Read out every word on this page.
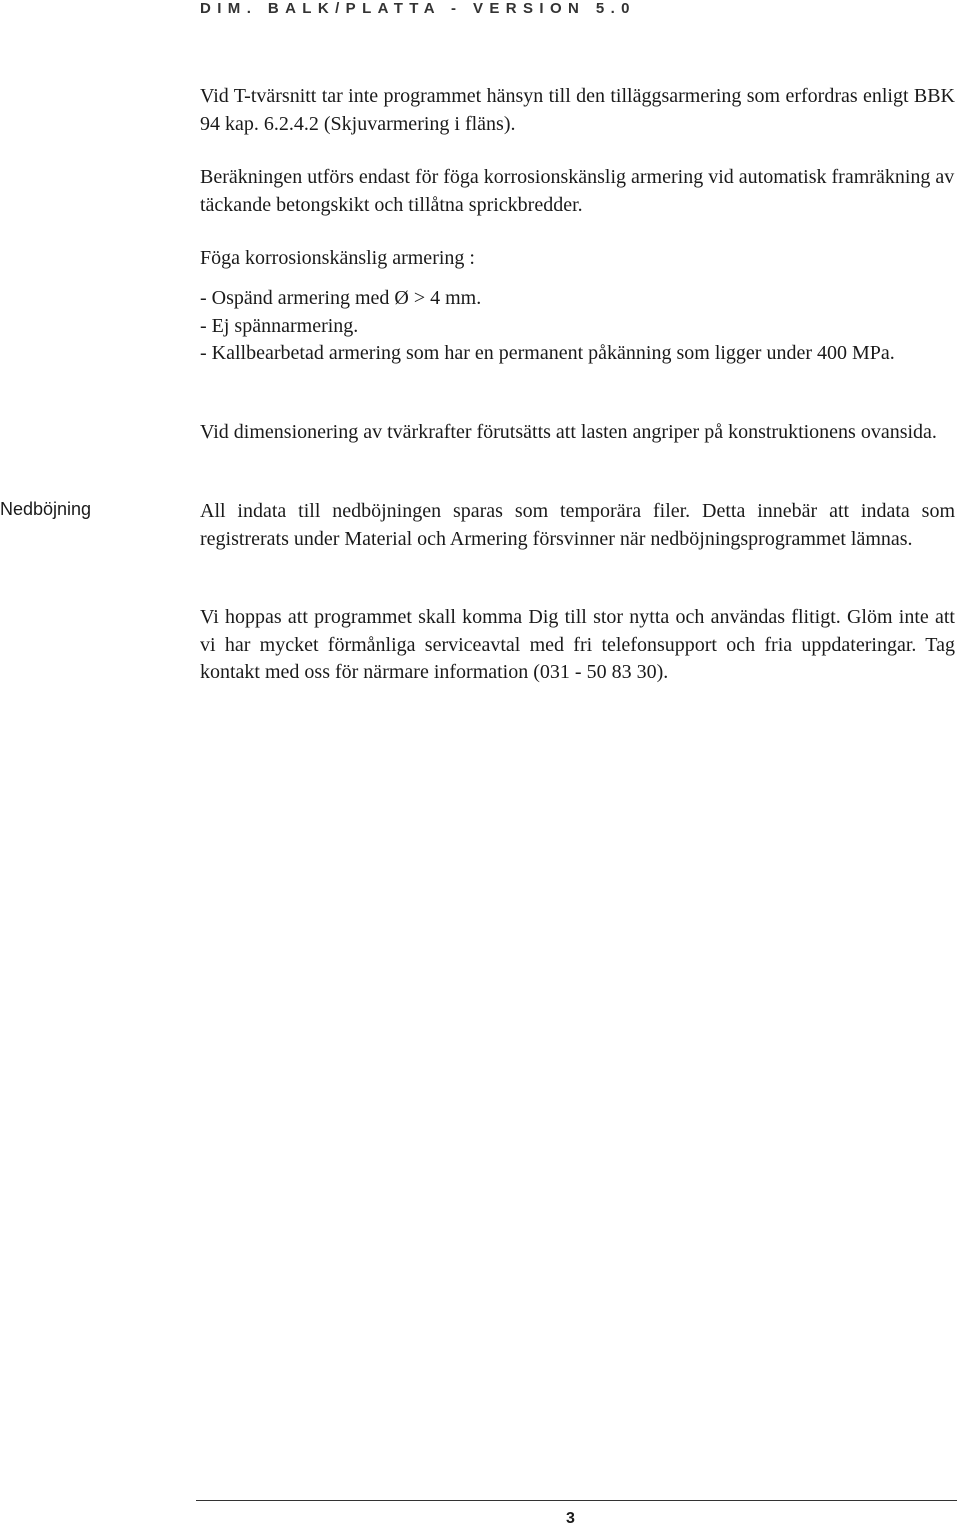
DIM. BALK/PLATTA - VERSION 5.0
Vid T-tvärsnitt tar inte programmet hänsyn till den tilläggsarmering som erfordras enligt BBK 94 kap. 6.2.4.2 (Skjuvarmering i fläns).
Beräkningen utförs endast för föga korrosionskänslig armering vid automatisk framräkning av täckande betongskikt och tillåtna sprickbredder.
Föga korrosionskänslig armering :
- Ospänd armering med Ø > 4 mm.
- Ej spännarmering.
- Kallbearbetad armering som har en permanent påkänning som ligger under 400 MPa.
Vid dimensionering av tvärkrafter förutsätts att lasten angriper på konstruktionens ovansida.
Nedböjning	All indata till nedböjningen sparas som temporära filer. Detta innebär att indata som registrerats under Material och Armering försvinner när nedböjningsprogrammet lämnas.
Vi hoppas att programmet skall komma Dig till stor nytta och användas flitigt. Glöm inte att vi har mycket förmånliga serviceavtal med fri telefonsupport och fria uppdateringar. Tag kontakt med oss för närmare information (031 - 50 83 30).
3
